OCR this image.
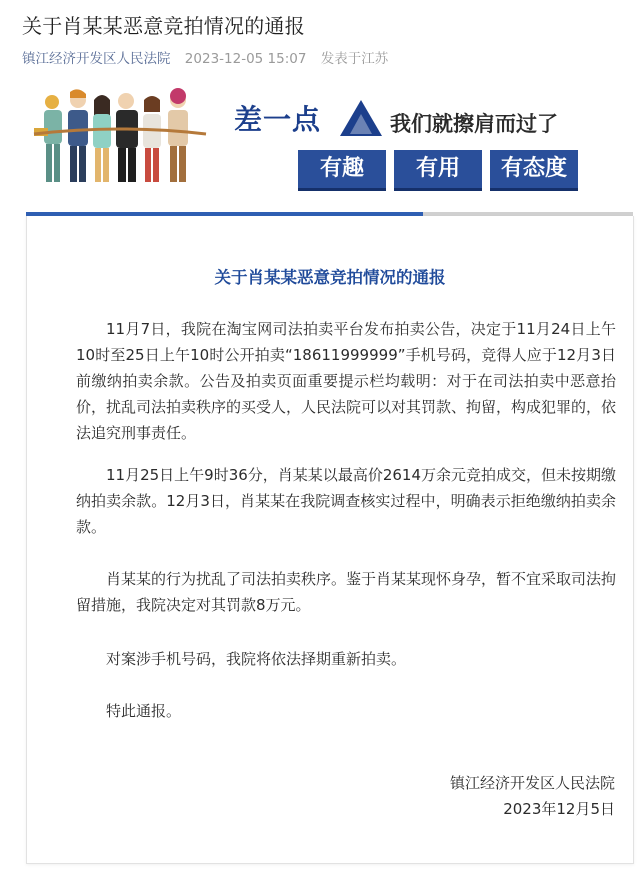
关于肖某某恶意竞拍情况的通报
镇江经济开发区人民法院 2023-12-05 15:07 发表于江苏
差一点	我们就擦肩而过了
有趣	有用	有态度
关于肖某某恶意竞拍情况的通报
11月7日，我院在淘宝网司法拍卖平台发布拍卖公告，决定于11月24日上午10时至25日上午10时公开拍卖“18611999999”手机号码，竞得人应于12月3日前缴纳拍卖余款。公告及拍卖页面重要提示栏均载明：对于在司法拍卖中恶意抬价，扰乱司法拍卖秩序的买受人，人民法院可以对其罚款、拘留，构成犯罪的，依法追究刑事责任。
11月25日上午9时36分，肖某某以最高价2614万余元竞拍成交，但未按期缴纳拍卖余款。12月3日，肖某某在我院调查核实过程中，明确表示拒绝缴纳拍卖余款。
肖某某的行为扰乱了司法拍卖秩序。鉴于肖某某现怀身孕，暂不宜采取司法拘留措施，我院决定对其罚款8万元。
对案涉手机号码，我院将依法择期重新拍卖。
特此通报。
镇江经济开发区人民法院
2023年12月5日
